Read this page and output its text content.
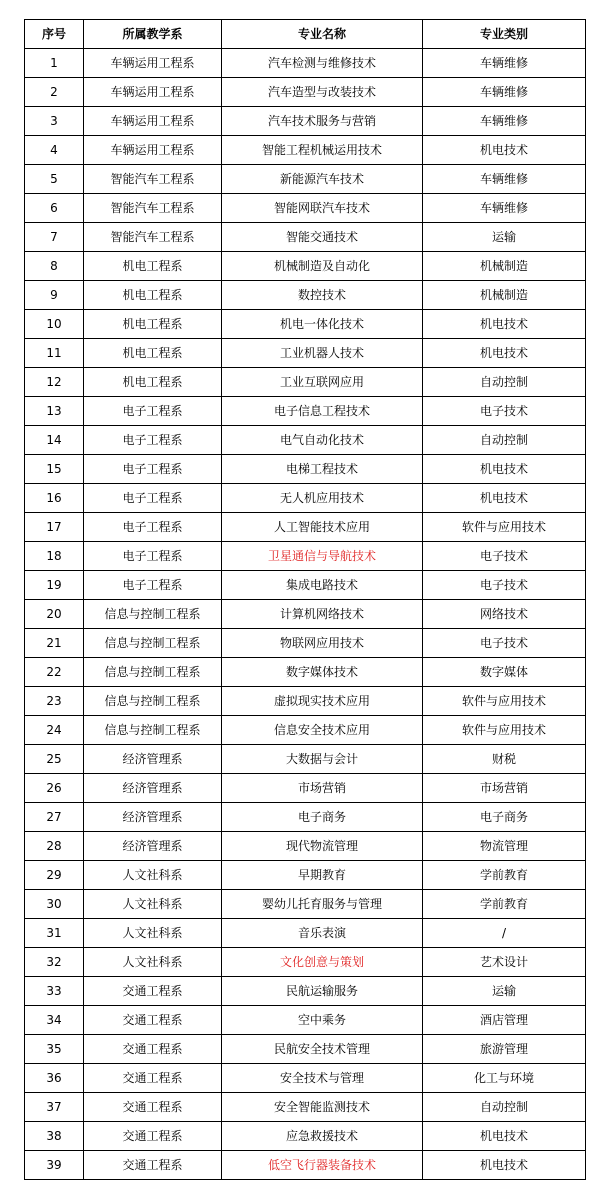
序号	所属教学系	专业名称	专业类别
1	车辆运用工程系	汽车检测与维修技术	车辆维修
2	车辆运用工程系	汽车造型与改装技术	车辆维修
3	车辆运用工程系	汽车技术服务与营销	车辆维修
4	车辆运用工程系	智能工程机械运用技术	机电技术
5	智能汽车工程系	新能源汽车技术	车辆维修
6	智能汽车工程系	智能网联汽车技术	车辆维修
7	智能汽车工程系	智能交通技术	运输
8	机电工程系	机械制造及自动化	机械制造
9	机电工程系	数控技术	机械制造
10	机电工程系	机电一体化技术	机电技术
11	机电工程系	工业机器人技术	机电技术
12	机电工程系	工业互联网应用	自动控制
13	电子工程系	电子信息工程技术	电子技术
14	电子工程系	电气自动化技术	自动控制
15	电子工程系	电梯工程技术	机电技术
16	电子工程系	无人机应用技术	机电技术
17	电子工程系	人工智能技术应用	软件与应用技术
18	电子工程系	卫星通信与导航技术	电子技术
19	电子工程系	集成电路技术	电子技术
20	信息与控制工程系	计算机网络技术	网络技术
21	信息与控制工程系	物联网应用技术	电子技术
22	信息与控制工程系	数字媒体技术	数字媒体
23	信息与控制工程系	虚拟现实技术应用	软件与应用技术
24	信息与控制工程系	信息安全技术应用	软件与应用技术
25	经济管理系	大数据与会计	财税
26	经济管理系	市场营销	市场营销
27	经济管理系	电子商务	电子商务
28	经济管理系	现代物流管理	物流管理
29	人文社科系	早期教育	学前教育
30	人文社科系	婴幼儿托育服务与管理	学前教育
31	人文社科系	音乐表演	/
32	人文社科系	文化创意与策划	艺术设计
33	交通工程系	民航运输服务	运输
34	交通工程系	空中乘务	酒店管理
35	交通工程系	民航安全技术管理	旅游管理
36	交通工程系	安全技术与管理	化工与环境
37	交通工程系	安全智能监测技术	自动控制
38	交通工程系	应急救援技术	机电技术
39	交通工程系	低空飞行器装备技术	机电技术
